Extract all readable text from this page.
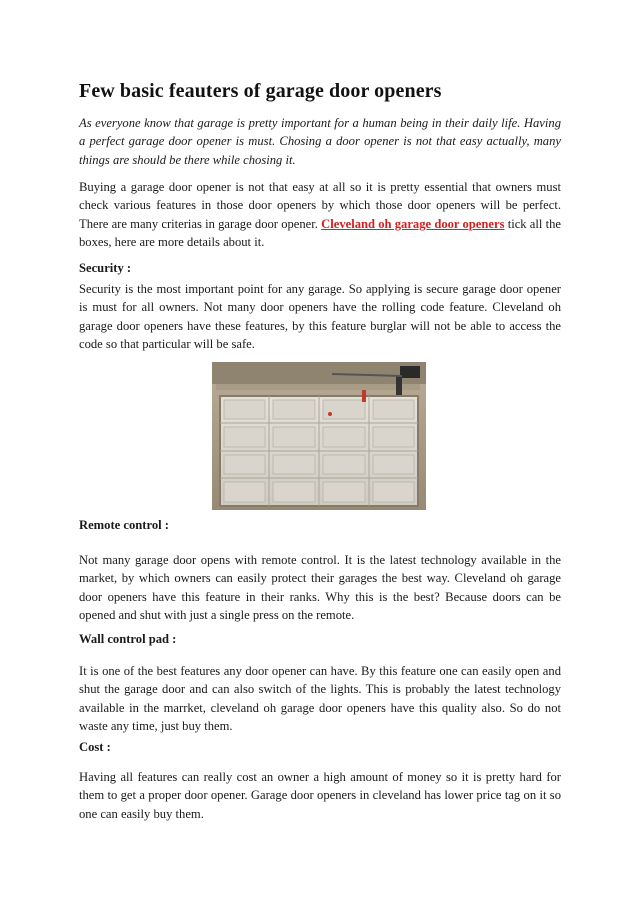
Few basic feauters of garage door openers

As everyone know that garage is pretty important for a human being in their daily life. Having a perfect garage door opener is must. Chosing a door opener is not that easy actually, many things are should be there while chosing it.

Buying a garage door opener is not that easy at all so it is pretty essential that owners must check various features in those door openers by which those door openers will be perfect. There are many criterias in garage door opener. Cleveland oh garage door openers tick all the boxes, here are more details about it.

Security :

Security is the most important point for any garage. So applying is secure garage door opener is must for all owners. Not many door openers have the rolling code feature. Cleveland oh garage door openers have these features, by this feature burglar will not be able to access the code so that particular will be safe.

Remote control :

Not many garage door opens with remote control. It is the latest technology available in the market, by which owners can easily protect their garages the best way. Cleveland oh garage door openers have this feature in their ranks. Why this is the best? Because doors can be opened and shut with just a single press on the remote.

Wall control pad :

It is one of the best features any door opener can have. By this feature one can easily open and shut the garage door and can also switch of the lights. This is probably the latest technology available in the marrket, cleveland oh garage door openers have this quality also. So do not waste any time, just buy them.

Cost :

Having all features can really cost an owner a high amount of money so it is pretty hard for them to get a proper door opener. Garage door openers in cleveland has lower price tag on it so one can easily buy them.
